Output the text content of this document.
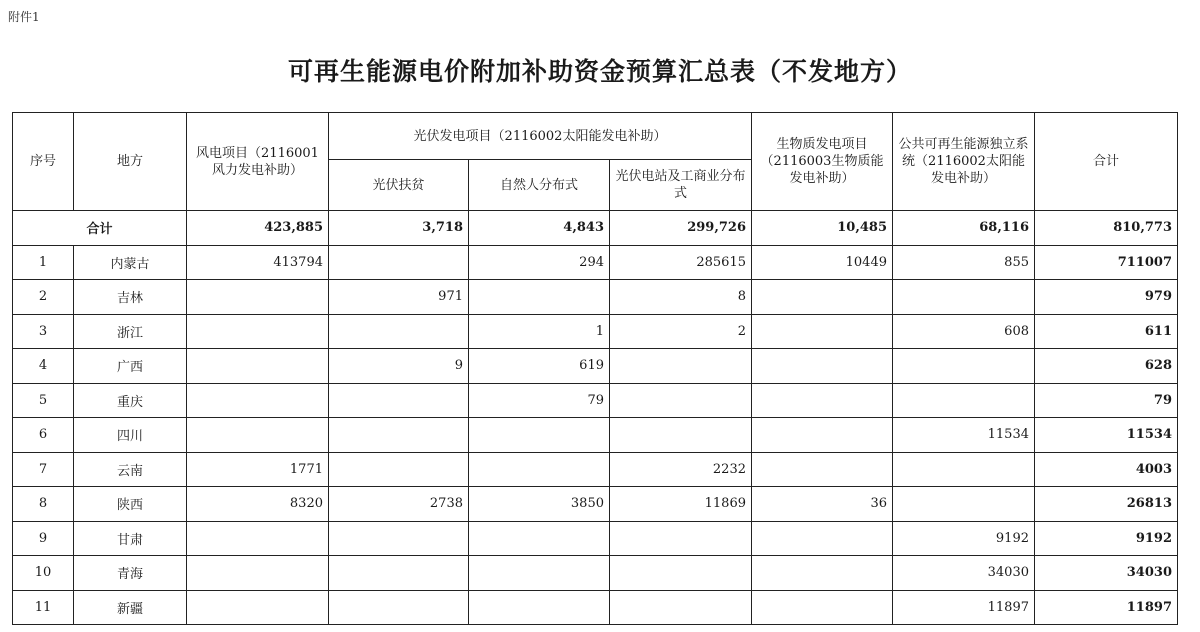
附件1
可再生能源电价附加补助资金预算汇总表（不发地方）
序号	地方	风电项目（2116001风力发电补助）	光伏发电项目（2116002太阳能发电补助）			生物质发电项目（2116003生物质能发电补助）	公共可再生能源独立系统（2116002太阳能发电补助）	合计
			光伏扶贫	自然人分布式	光伏电站及工商业分布式			
合计		423,885	3,718	4,843	299,726	10,485	68,116	810,773
1	内蒙古	413794		294	285615	10449	855	711007
2	吉林		971		8			979
3	浙江			1	2		608	611
4	广西		9	619				628
5	重庆			79				79
6	四川						11534	11534
7	云南	1771			2232			4003
8	陕西	8320	2738	3850	11869	36		26813
9	甘肃						9192	9192
10	青海						34030	34030
11	新疆						11897	11897
